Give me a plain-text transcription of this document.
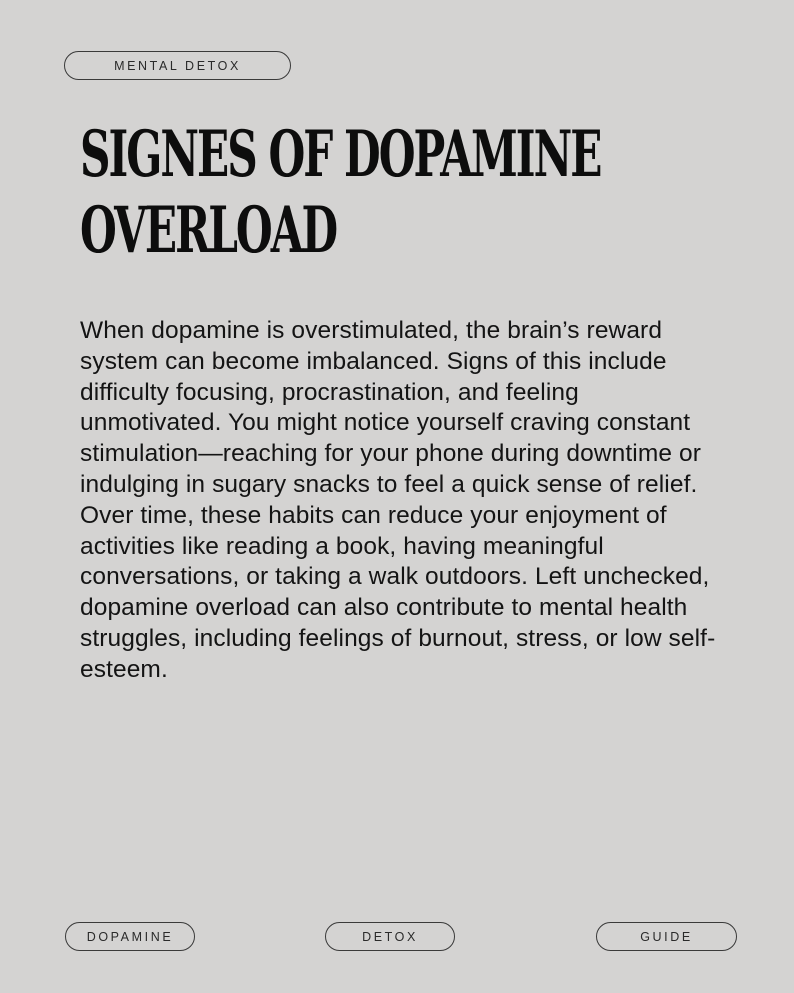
MENTAL DETOX
SIGNES OF DOPAMINE
OVERLOAD

When dopamine is overstimulated, the brain’s reward system can become imbalanced. Signs of this include difficulty focusing, procrastination, and feeling unmotivated. You might notice yourself craving constant stimulation—reaching for your phone during downtime or indulging in sugary snacks to feel a quick sense of relief. Over time, these habits can reduce your enjoyment of activities like reading a book, having meaningful conversations, or taking a walk outdoors. Left unchecked, dopamine overload can also contribute to mental health struggles, including feelings of burnout, stress, or low self-esteem.

DOPAMINE	DETOX	GUIDE
